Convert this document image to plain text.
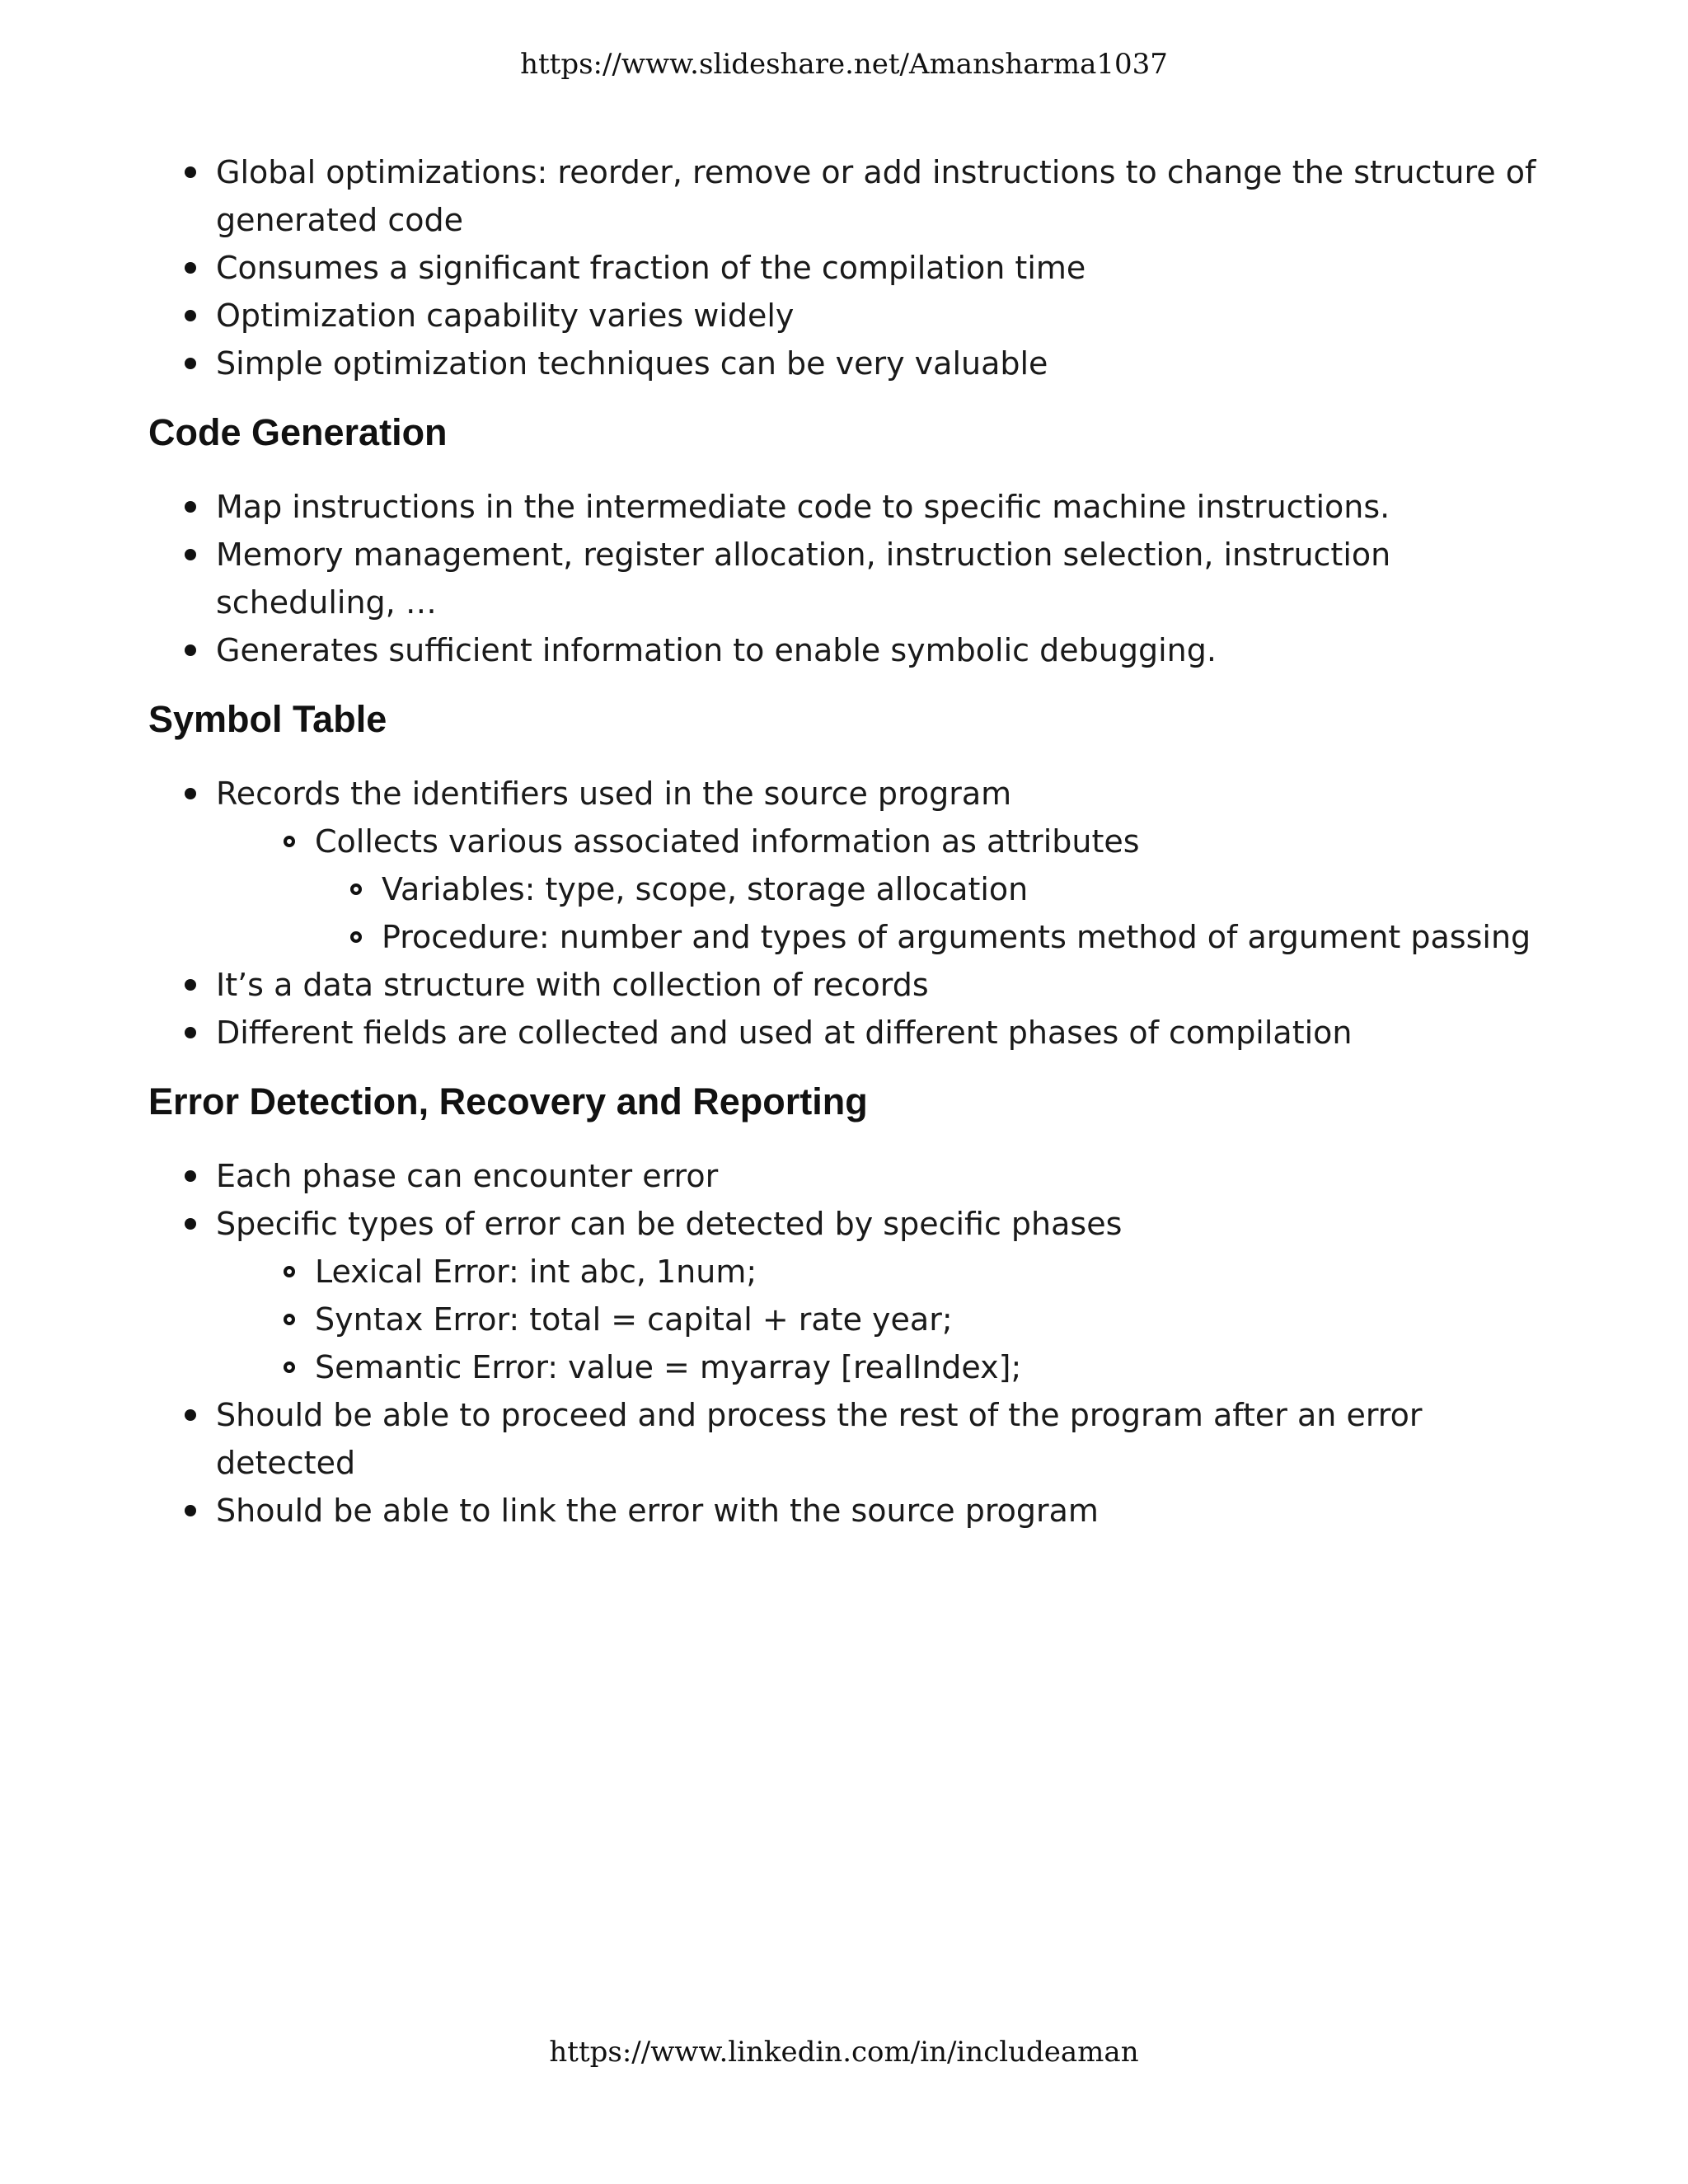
https://www.slideshare.net/Amansharma1037

Global optimizations: reorder, remove or add instructions to change the structure of generated code
Consumes a significant fraction of the compilation time
Optimization capability varies widely
Simple optimization techniques can be very valuable
Code Generation
Map instructions in the intermediate code to specific machine instructions.
Memory management, register allocation, instruction selection, instruction scheduling, …
Generates sufficient information to enable symbolic debugging.
Symbol Table
Records the identifiers used in the source program
Collects various associated information as attributes
Variables: type, scope, storage allocation
Procedure: number and types of arguments method of argument passing
It’s a data structure with collection of records
Different fields are collected and used at different phases of compilation
Error Detection, Recovery and Reporting
Each phase can encounter error
Specific types of error can be detected by specific phases
Lexical Error: int abc, 1num;
Syntax Error: total = capital + rate year;
Semantic Error: value = myarray [realIndex];
Should be able to proceed and process the rest of the program after an error detected
Should be able to link the error with the source program

https://www.linkedin.com/in/includeaman
